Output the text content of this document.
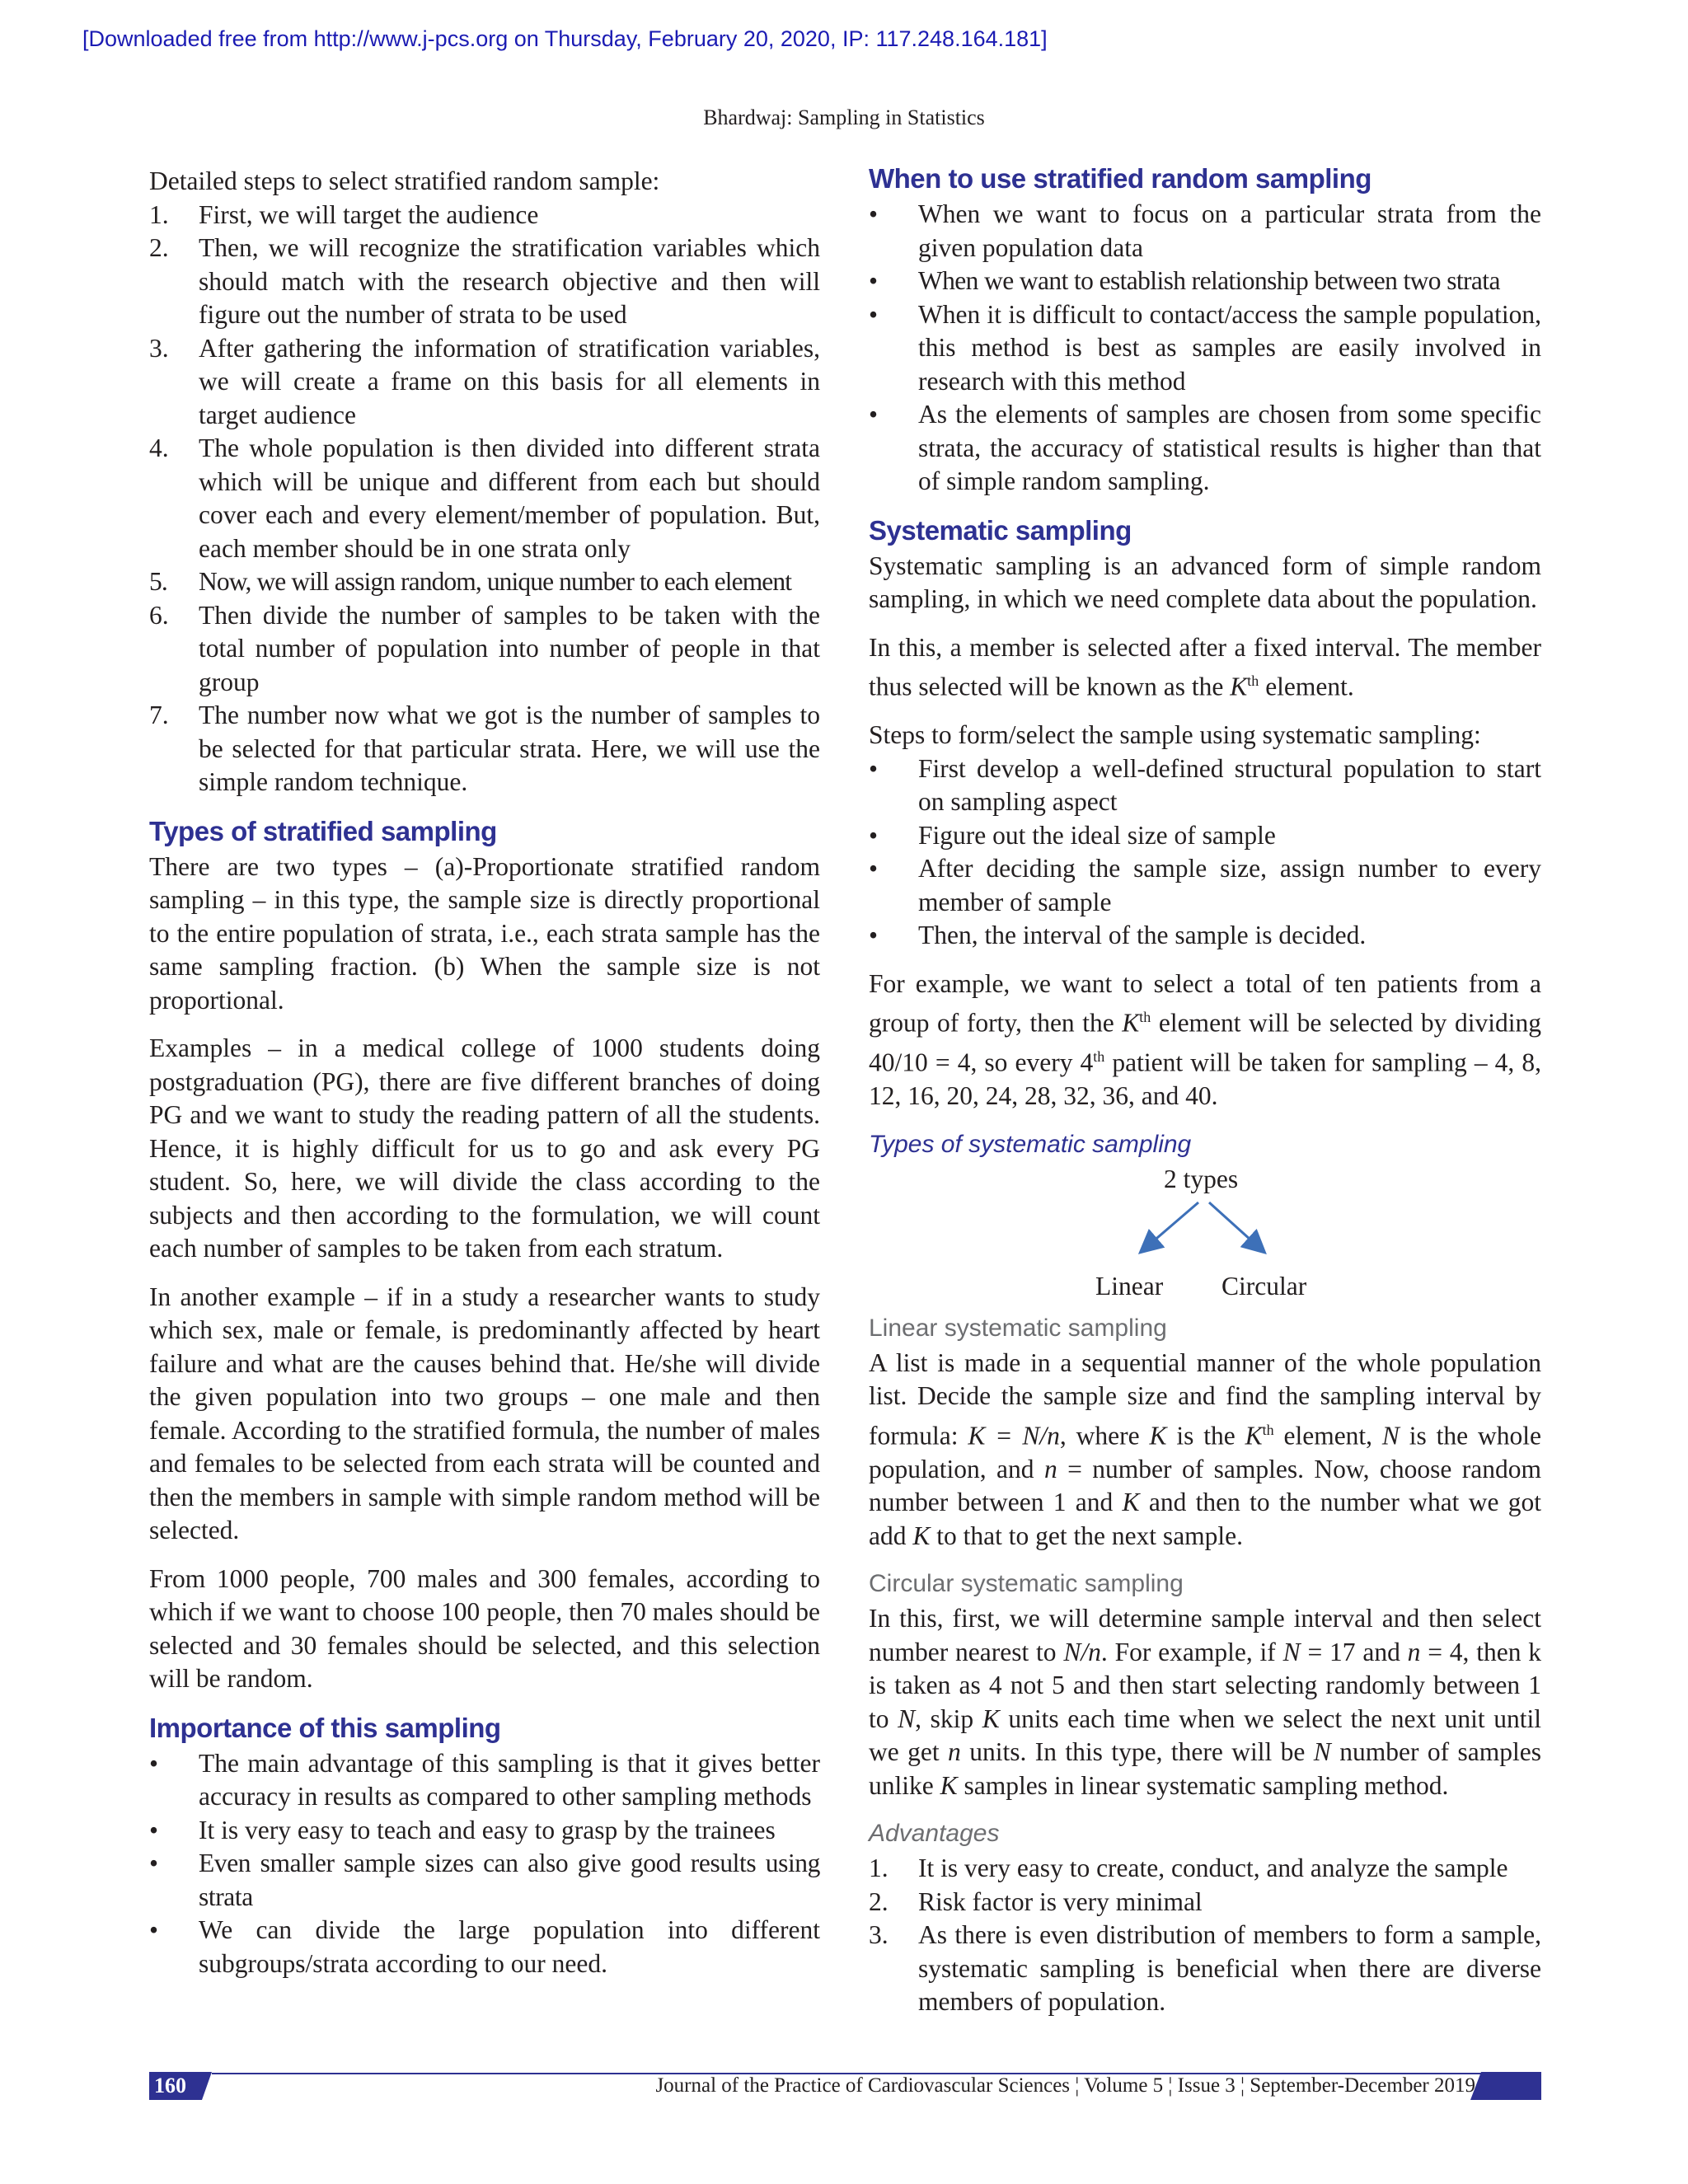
[Downloaded free from http://www.j-pcs.org on Thursday, February 20, 2020, IP: 117.248.164.181]
Bhardwaj: Sampling in Statistics

Detailed steps to select stratified random sample:

1. First, we will target the audience
2. Then, we will recognize the stratification variables which should match with the research objective and then will figure out the number of strata to be used
3. After gathering the information of stratification variables, we will create a frame on this basis for all elements in target audience
4. The whole population is then divided into different strata which will be unique and different from each but should cover each and every element/member of population. But, each member should be in one strata only
5. Now, we will assign random, unique number to each element
6. Then divide the number of samples to be taken with the total number of population into number of people in that group
7. The number now what we got is the number of samples to be selected for that particular strata. Here, we will use the simple random technique.
Types of stratified sampling

There are two types – (a)-Proportionate stratified random sampling – in this type, the sample size is directly proportional to the entire population of strata, i.e., each strata sample has the same sampling fraction. (b) When the sample size is not proportional.

Examples – in a medical college of 1000 students doing postgraduation (PG), there are five different branches of doing PG and we want to study the reading pattern of all the students. Hence, it is highly difficult for us to go and ask every PG student. So, here, we will divide the class according to the subjects and then according to the formulation, we will count each number of samples to be taken from each stratum.

In another example – if in a study a researcher wants to study which sex, male or female, is predominantly affected by heart failure and what are the causes behind that. He/she will divide the given population into two groups – one male and then female. According to the stratified formula, the number of males and females to be selected from each strata will be counted and then the members in sample with simple random method will be selected.

From 1000 people, 700 males and 300 females, according to which if we want to choose 100 people, then 70 males should be selected and 30 females should be selected, and this selection will be random.

Importance of this sampling
• The main advantage of this sampling is that it gives better accuracy in results as compared to other sampling methods
• It is very easy to teach and easy to grasp by the trainees
• Even smaller sample sizes can also give good results using strata
• We can divide the large population into different subgroups/strata according to our need.
When to use stratified random sampling
• When we want to focus on a particular strata from the given population data
• When we want to establish relationship between two strata
• When it is difficult to contact/access the sample population, this method is best as samples are easily involved in research with this method
• As the elements of samples are chosen from some specific strata, the accuracy of statistical results is higher than that of simple random sampling.
Systematic sampling

Systematic sampling is an advanced form of simple random sampling, in which we need complete data about the population.

In this, a member is selected after a fixed interval. The member thus selected will be known as the $K^{th}$ element.

Steps to form/select the sample using systematic sampling:

• First develop a well-defined structural population to start on sampling aspect
• Figure out the ideal size of sample
• After deciding the sample size, assign number to every member of sample
• Then, the interval of the sample is decided.

For example, we want to select a total of ten patients from a group of forty, then the $K^{th}$ element will be selected by dividing 40/10 = 4, so every 4th patient will be taken for sampling – 4, 8, 12, 16, 20, 24, 28, 32, 36, and 40.

Types of systematic sampling
2 types
Linear Circular
Linear systematic sampling

A list is made in a sequential manner of the whole population list. Decide the sample size and find the sampling interval by formula: K = N/n, where K is the $K^{th}$ element, N is the whole population, and n = number of samples. Now, choose random number between 1 and K and then to the number what we got add K to that to get the next sample.

Circular systematic sampling

In this, first, we will determine sample interval and then select number nearest to N/n. For example, if N = 17 and n = 4, then k is taken as 4 not 5 and then start selecting randomly between 1 to N, skip K units each time when we select the next unit until we get n units. In this type, there will be N number of samples unlike K samples in linear systematic sampling method.

Advantages
1. It is very easy to create, conduct, and analyze the sample
2. Risk factor is very minimal
3. As there is even distribution of members to form a sample, systematic sampling is beneficial when there are diverse members of population.
160	Journal of the Practice of Cardiovascular Sciences ¦ Volume 5 ¦ Issue 3 ¦ September-December 2019
